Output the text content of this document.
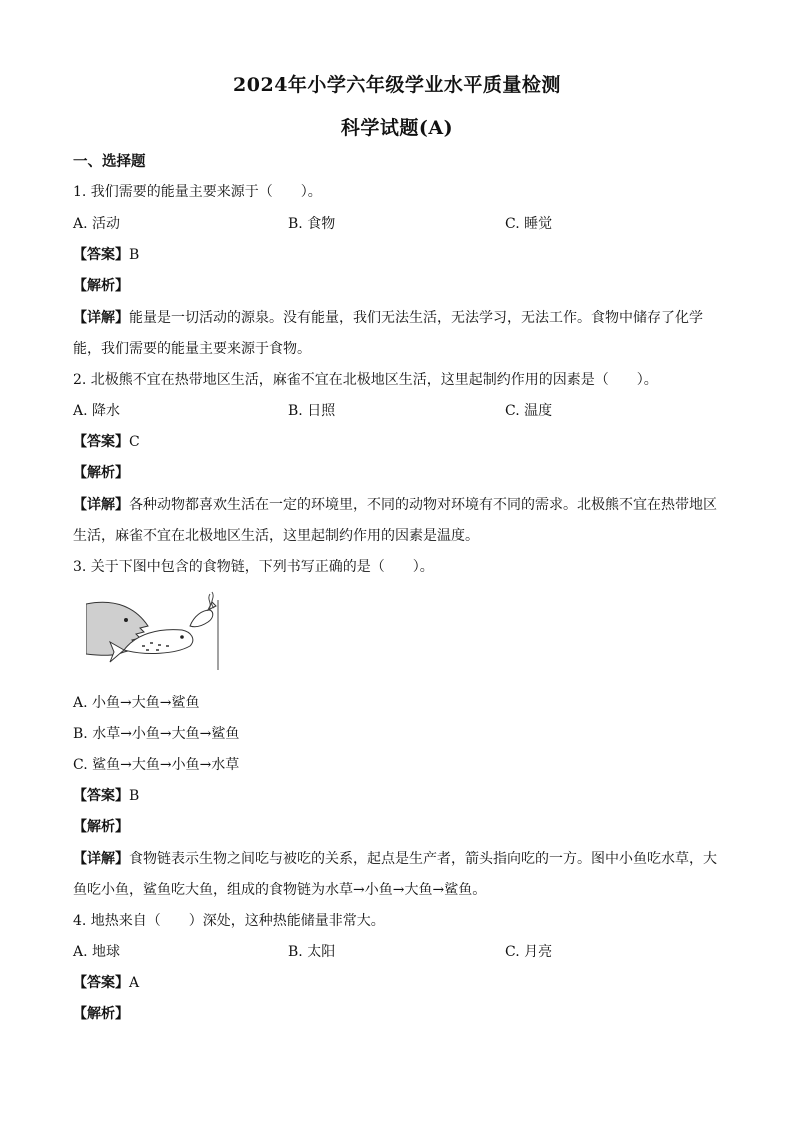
2024年小学六年级学业水平质量检测
科学试题(A)
一、选择题
1. 我们需要的能量主要来源于（　　）。
A. 活动	B. 食物	C. 睡觉
【答案】B
【解析】
【详解】能量是一切活动的源泉。没有能量，我们无法生活，无法学习，无法工作。食物中储存了化学
能，我们需要的能量主要来源于食物。
2. 北极熊不宜在热带地区生活，麻雀不宜在北极地区生活，这里起制约作用的因素是（　　）。
A. 降水	B. 日照	C. 温度
【答案】C
【解析】
【详解】各种动物都喜欢生活在一定的环境里，不同的动物对环境有不同的需求。北极熊不宜在热带地区
生活，麻雀不宜在北极地区生活，这里起制约作用的因素是温度。
3. 关于下图中包含的食物链，下列书写正确的是（　　）。
A. 小鱼→大鱼→鲨鱼
B. 水草→小鱼→大鱼→鲨鱼
C. 鲨鱼→大鱼→小鱼→水草
【答案】B
【解析】
【详解】食物链表示生物之间吃与被吃的关系，起点是生产者，箭头指向吃的一方。图中小鱼吃水草，大
鱼吃小鱼，鲨鱼吃大鱼，组成的食物链为水草→小鱼→大鱼→鲨鱼。
4. 地热来自（　　）深处，这种热能储量非常大。
A. 地球	B. 太阳	C. 月亮
【答案】A
【解析】
